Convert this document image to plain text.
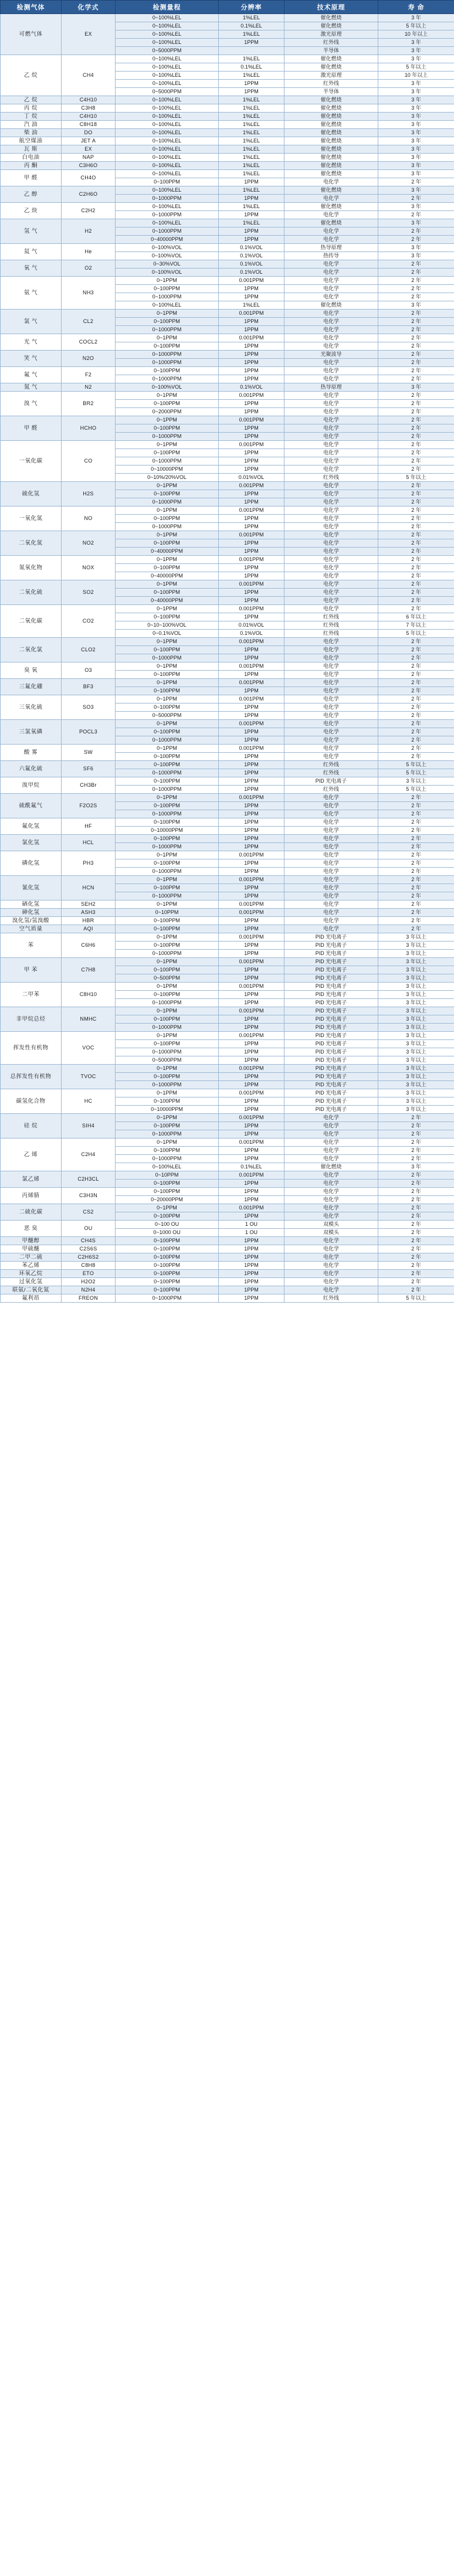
检测气体	化学式	检测量程	分辨率	技术原理	寿 命
可燃气体	EX	0~100%LEL	1%LEL	催化燃烧	3 年
		0~100%LEL	0.1%LEL	催化燃烧	5 年以上
		0~100%LEL	1%LEL	激光原理	10 年以上
		0~100%LEL	1PPM	红外线	3 年
		0~5000PPM		半导体	3 年
乙 烷	CH4	0~100%LEL	1%LEL	催化燃烧	3 年
		0~100%LEL	0.1%LEL	催化燃烧	5 年以上
		0~100%LEL	1%LEL	激光原理	10 年以上
		0~100%LEL	1PPM	红外线	3 年
		0~5000PPM	1PPM	半导体	3 年
乙 烷	C4H10	0~100%LEL	1%LEL	催化燃烧	3 年
丙 烷	C3H8	0~100%LEL	1%LEL	催化燃烧	3 年
丁 烷	C4H10	0~100%LEL	1%LEL	催化燃烧	3 年
汽 油	C8H18	0~100%LEL	1%LEL	催化燃烧	3 年
柴 油	DO	0~100%LEL	1%LEL	催化燃烧	3 年
航空煤油	JET A	0~100%LEL	1%LEL	催化燃烧	3 年
瓦 斯	EX	0~100%LEL	1%LEL	催化燃烧	3 年
白电油	NAP	0~100%LEL	1%LEL	催化燃烧	3 年
丙 酮	C3H6O	0~100%LEL	1%LEL	催化燃烧	3 年
甲 醛	CH4O	0~100%LEL	1%LEL	催化燃烧	3 年
		0~100PPM	1PPM	电化学	2 年
乙 醇	C2H6O	0~100%LEL	1%LEL	催化燃烧	3 年
		0~1000PPM	1PPM	电化学	2 年
乙 炔	C2H2	0~100%LEL	1%LEL	催化燃烧	3 年
		0~1000PPM	1PPM	电化学	2 年
氢 气	H2	0~100%LEL	1%LEL	催化燃烧	3 年
		0~1000PPM	1PPM	电化学	2 年
		0~40000PPM	1PPM	电化学	2 年
氦 气	He	0~100%VOL	0.1%VOL	热导原理	3 年
		0~100%VOL	0.1%VOL	热传导	3 年
氧 气	O2	0~30%VOL	0.1%VOL	电化学	2 年
		0~100%VOL	0.1%VOL	电化学	2 年
氨 气	NH3	0~1PPM	0.001PPM	电化学	2 年
		0~100PPM	1PPM	电化学	2 年
		0~1000PPM	1PPM	电化学	2 年
		0~100%LEL	1%LEL	催化燃烧	3 年
氯 气	CL2	0~1PPM	0.001PPM	电化学	2 年
		0~100PPM	1PPM	电化学	2 年
		0~1000PPM	1PPM	电化学	2 年
光 气	COCL2	0~1PPM	0.001PPM	电化学	2 年
		0~100PPM	1PPM	电化学	2 年
笑 气	N2O	0~1000PPM	1PPM	光聚波导	2 年
		0~1000PPM	1PPM	电化学	2 年
氟 气	F2	0~100PPM	1PPM	电化学	2 年
		0~1000PPM	1PPM	电化学	2 年
氮 气	N2	0~100%VOL	0.1%VOL	热导原理	3 年
溴 气	BR2	0~1PPM	0.001PPM	电化学	2 年
		0~100PPM	1PPM	电化学	2 年
		0~2000PPM	1PPM	电化学	2 年
甲 醛	HCHO	0~1PPM	0.001PPM	电化学	2 年
		0~100PPM	1PPM	电化学	2 年
		0~1000PPM	1PPM	电化学	2 年
一氧化碳	CO	0~1PPM	0.001PPM	电化学	2 年
		0~100PPM	1PPM	电化学	2 年
		0~1000PPM	1PPM	电化学	2 年
		0~10000PPM	1PPM	电化学	2 年
		0~10%/20%VOL	0.01%VOL	红外线	5 年以上
硫化氢	H2S	0~1PPM	0.001PPM	电化学	2 年
		0~100PPM	1PPM	电化学	2 年
		0~1000PPM	1PPM	电化学	2 年
一氧化氮	NO	0~1PPM	0.001PPM	电化学	2 年
		0~100PPM	1PPM	电化学	2 年
		0~1000PPM	1PPM	电化学	2 年
二氧化氮	NO2	0~1PPM	0.001PPM	电化学	2 年
		0~100PPM	1PPM	电化学	2 年
		0~40000PPM	1PPM	电化学	2 年
氮氧化物	NOX	0~1PPM	0.001PPM	电化学	2 年
		0~100PPM	1PPM	电化学	2 年
		0~40000PPM	1PPM	电化学	2 年
二氧化硫	SO2	0~1PPM	0.001PPM	电化学	2 年
		0~100PPM	1PPM	电化学	2 年
		0~40000PPM	1PPM	电化学	2 年
二氧化碳	CO2	0~1PPM	0.001PPM	电化学	2 年
		0~100PPM	1PPM	红外线	6 年以上
		0~10~100%VOL	0.01%VOL	红外线	7 年以上
		0~0.1%VOL	0.1%VOL	红外线	5 年以上
二氧化氯	CLO2	0~1PPM	0.001PPM	电化学	2 年
		0~100PPM	1PPM	电化学	2 年
		0~1000PPM	1PPM	电化学	2 年
臭 氧	O3	0~1PPM	0.001PPM	电化学	2 年
		0~100PPM	1PPM	电化学	2 年
三氟化硼	BF3	0~1PPM	0.001PPM	电化学	2 年
		0~100PPM	1PPM	电化学	2 年
三氧化硫	SO3	0~1PPM	0.001PPM	电化学	2 年
		0~100PPM	1PPM	电化学	2 年
		0~5000PPM	1PPM	电化学	2 年
三氯氧磷	POCL3	0~1PPM	0.001PPM	电化学	2 年
		0~100PPM	1PPM	电化学	2 年
		0~1000PPM	1PPM	电化学	2 年
酸 雾	SW	0~1PPM	0.001PPM	电化学	2 年
		0~100PPM	1PPM	电化学	2 年
六氟化硫	SF6	0~100PPM	1PPM	红外线	5 年以上
		0~1000PPM	1PPM	红外线	5 年以上
溴甲烷	CH3Br	0~100PPM	1PPM	PID 光电离子	3 年以上
		0~1000PPM	1PPM	红外线	5 年以上
硫酰氟气	F2O2S	0~1PPM	0.001PPM	电化学	2 年
		0~100PPM	1PPM	电化学	2 年
		0~1000PPM	1PPM	电化学	2 年
氟化氢	HF	0~100PPM	1PPM	电化学	2 年
		0~10000PPM	1PPM	电化学	2 年
氯化氢	HCL	0~100PPM	1PPM	电化学	2 年
		0~1000PPM	1PPM	电化学	2 年
磷化氢	PH3	0~1PPM	0.001PPM	电化学	2 年
		0~100PPM	1PPM	电化学	2 年
		0~1000PPM	1PPM	电化学	2 年
氰化氢	HCN	0~1PPM	0.001PPM	电化学	2 年
		0~100PPM	1PPM	电化学	2 年
		0~1000PPM	1PPM	电化学	2 年
硒化氢	SEH2	0~1PPM	0.001PPM	电化学	2 年
砷化氢	ASH3	0~10PPM	0.001PPM	电化学	2 年
溴化氢/氢溴酸	HBR	0~100PPM	1PPM	电化学	2 年
空气质量	AQI	0~100PPM	1PPM	电化学	2 年
苯	C6H6	0~1PPM	0.001PPM	PID 光电离子	3 年以上
		0~100PPM	1PPM	PID 光电离子	3 年以上
		0~1000PPM	1PPM	PID 光电离子	3 年以上
甲 苯	C7H8	0~1PPM	0.001PPM	PID 光电离子	3 年以上
		0~100PPM	1PPM	PID 光电离子	3 年以上
		0~500PPM	1PPM	PID 光电离子	3 年以上
二甲苯	C8H10	0~1PPM	0.001PPM	PID 光电离子	3 年以上
		0~100PPM	1PPM	PID 光电离子	3 年以上
		0~1000PPM	1PPM	PID 光电离子	3 年以上
非甲烷总烃	NMHC	0~1PPM	0.001PPM	PID 光电离子	3 年以上
		0~100PPM	1PPM	PID 光电离子	3 年以上
		0~1000PPM	1PPM	PID 光电离子	3 年以上
挥发性有机物	VOC	0~1PPM	0.001PPM	PID 光电离子	3 年以上
		0~100PPM	1PPM	PID 光电离子	3 年以上
		0~1000PPM	1PPM	PID 光电离子	3 年以上
		0~5000PPM	1PPM	PID 光电离子	3 年以上
总挥发性有机物	TVOC	0~1PPM	0.001PPM	PID 光电离子	3 年以上
		0~100PPM	1PPM	PID 光电离子	3 年以上
		0~1000PPM	1PPM	PID 光电离子	3 年以上
碳氢化合物	HC	0~1PPM	0.001PPM	PID 光电离子	3 年以上
		0~100PPM	1PPM	PID 光电离子	3 年以上
		0~10000PPM	1PPM	PID 光电离子	3 年以上
硅 烷	SIH4	0~1PPM	0.001PPM	电化学	2 年
		0~100PPM	1PPM	电化学	2 年
		0~1000PPM	1PPM	电化学	2 年
乙 烯	C2H4	0~1PPM	0.001PPM	电化学	2 年
		0~100PPM	1PPM	电化学	2 年
		0~1000PPM	1PPM	电化学	2 年
		0~100%LEL	0.1%LEL	催化燃烧	3 年
氯乙烯	C2H3CL	0~10PPM	0.001PPM	电化学	2 年
		0~100PPM	1PPM	电化学	2 年
丙烯腈	C3H3N	0~100PPM	1PPM	电化学	2 年
		0~20000PPM	1PPM	电化学	2 年
二硫化碳	CS2	0~1PPM	0.001PPM	电化学	2 年
		0~100PPM	1PPM	电化学	2 年
恶 臭	OU	0~100 OU	1 OU	双模头	2 年
		0~1000 OU	1 OU	双模头	2 年
甲醚醇	CH4S	0~100PPM	1PPM	电化学	2 年
甲硫醚	C2S6S	0~100PPM	1PPM	电化学	2 年
二甲二硫	C2H6S2	0~100PPM	1PPM	电化学	2 年
苯乙烯	C8H8	0~100PPM	1PPM	电化学	2 年
环氧乙烷	ETO	0~100PPM	1PPM	电化学	2 年
过氧化氢	H2O2	0~100PPM	1PPM	电化学	2 年
联氨/二氧化氮	N2H4	0~100PPM	1PPM	电化学	2 年
氟利昂	FREON	0~1000PPM	1PPM	红外线	5 年以上
